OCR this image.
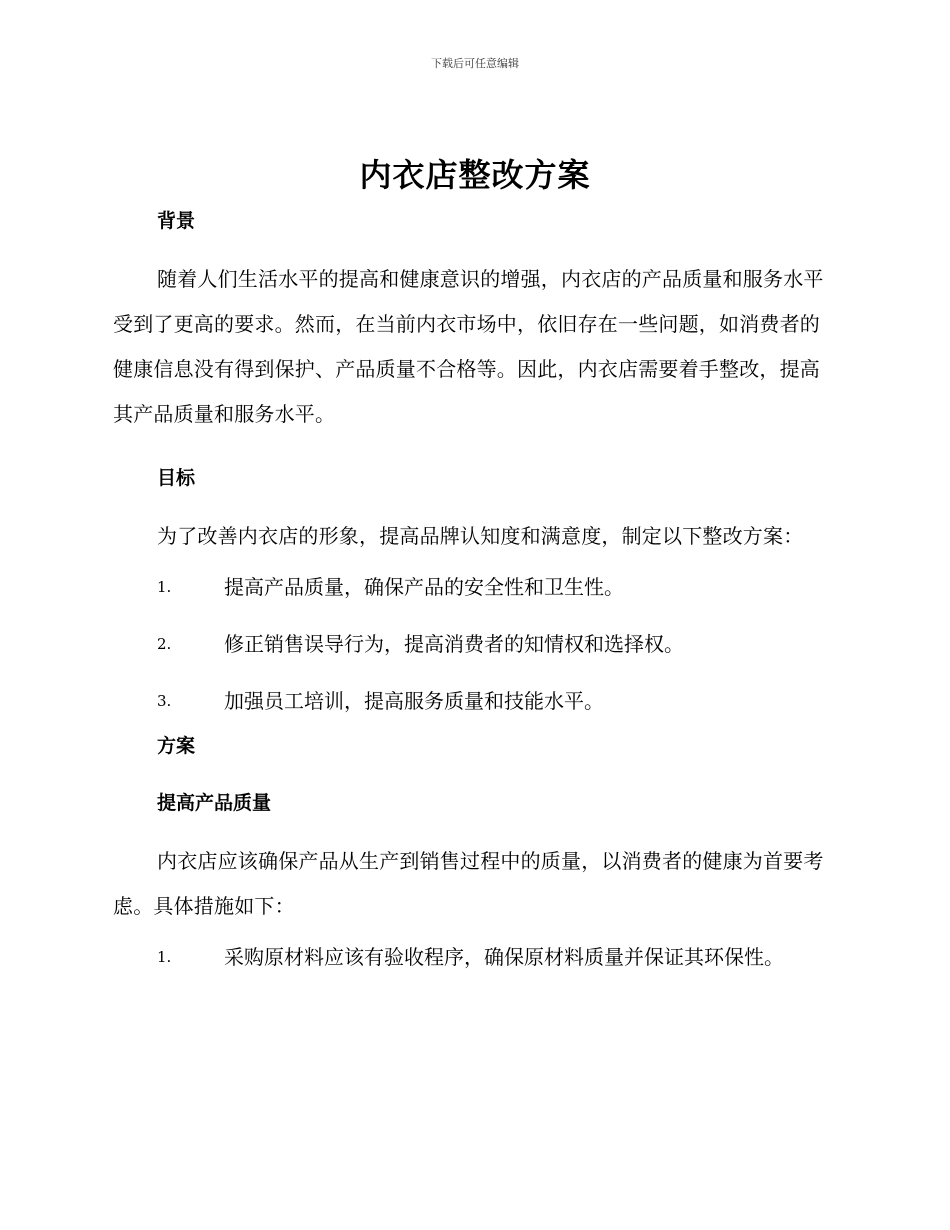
下载后可任意编辑
内衣店整改方案
背景

随着人们生活水平的提高和健康意识的增强，内衣店的产品质量和服务水平受到了更高的要求。然而，在当前内衣市场中，依旧存在一些问题，如消费者的健康信息没有得到保护、产品质量不合格等。因此，内衣店需要着手整改，提高其产品质量和服务水平。

目标

为了改善内衣店的形象，提高品牌认知度和满意度，制定以下整改方案：

1.	提高产品质量，确保产品的安全性和卫生性。
2.	修正销售误导行为，提高消费者的知情权和选择权。
3.	加强员工培训，提高服务质量和技能水平。
方案
提高产品质量

内衣店应该确保产品从生产到销售过程中的质量，以消费者的健康为首要考虑。具体措施如下：

1.	采购原材料应该有验收程序，确保原材料质量并保证其环保性。
